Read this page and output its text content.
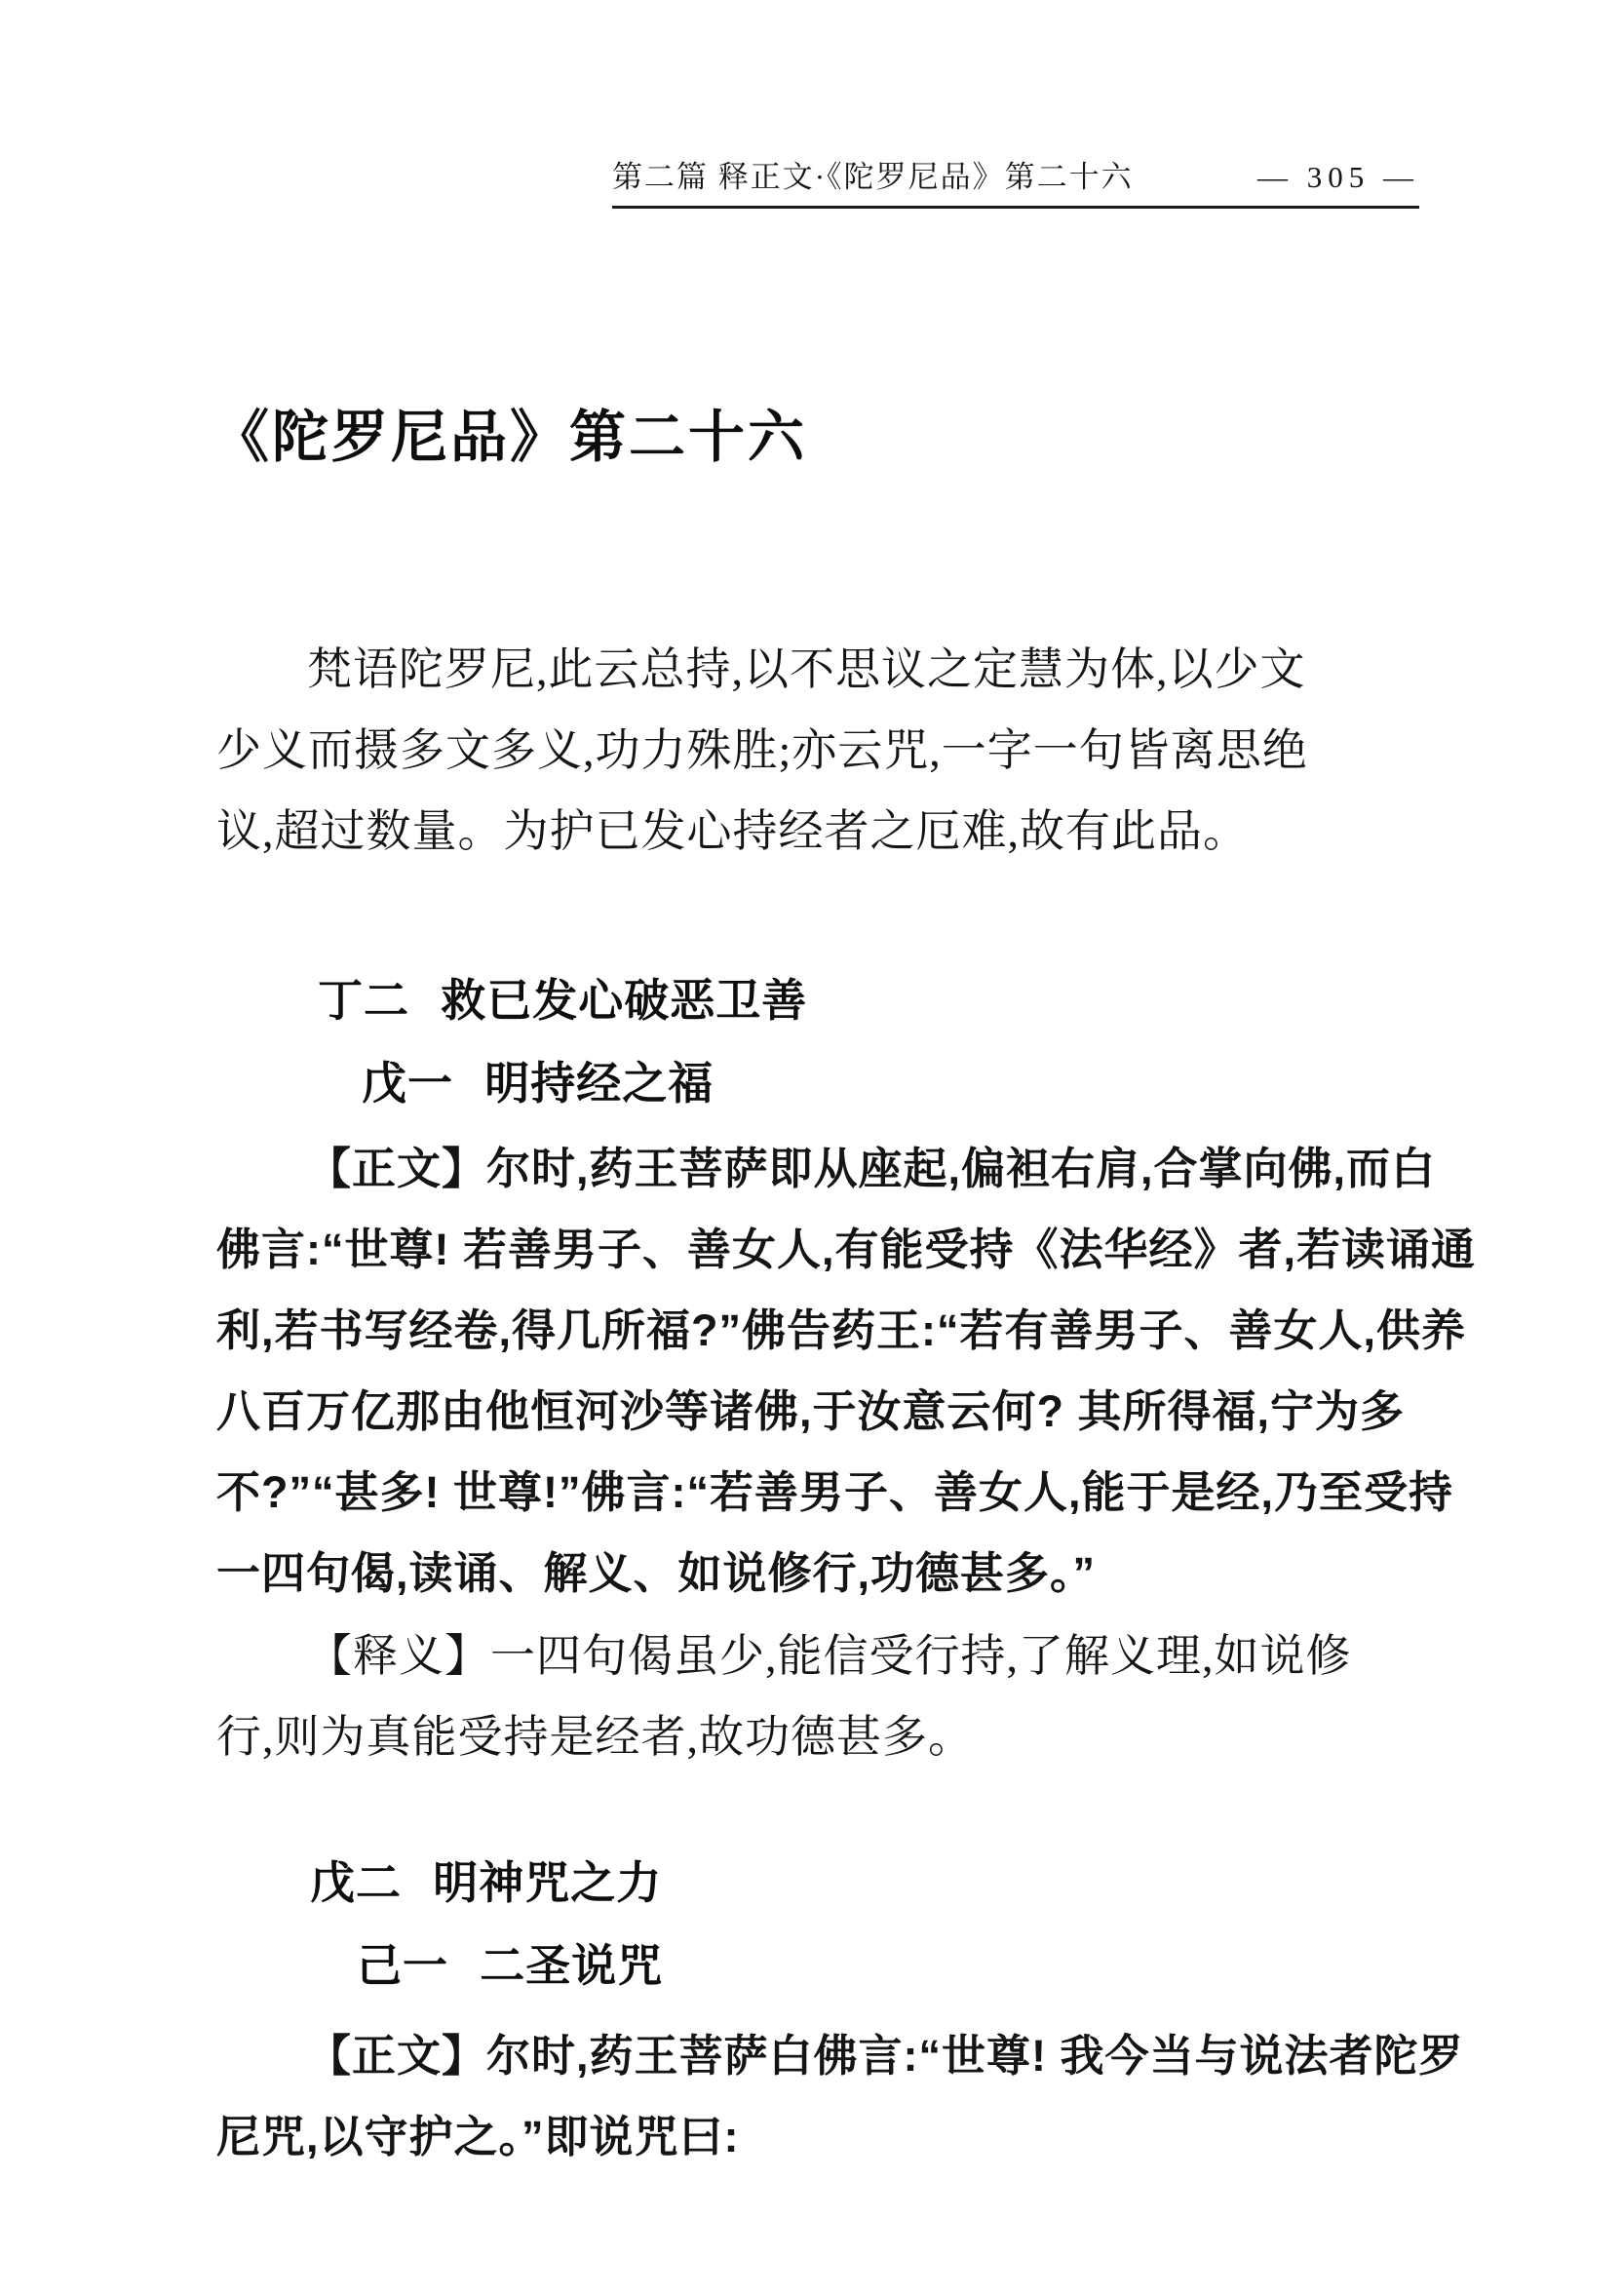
第二篇 释正文·《陀罗尼品》第二十六	— 305 —
《陀罗尼品》第二十六
梵语陀罗尼,此云总持,以不思议之定慧为体,以少文
少义而摄多文多义,功力殊胜;亦云咒,一字一句皆离思绝
议,超过数量。为护已发心持经者之厄难,故有此品。
丁二 救已发心破恶卫善
戊一 明持经之福
【正文】尔时,药王菩萨即从座起,偏袒右肩,合掌向佛,而白
佛言:“世尊! 若善男子、善女人,有能受持《法华经》者,若读诵通
利,若书写经卷,得几所福?”佛告药王:“若有善男子、善女人,供养
八百万亿那由他恒河沙等诸佛,于汝意云何? 其所得福,宁为多
不?”“甚多! 世尊!”佛言:“若善男子、善女人,能于是经,乃至受持
一四句偈,读诵、解义、如说修行,功德甚多。”
【释义】一四句偈虽少,能信受行持,了解义理,如说修
行,则为真能受持是经者,故功德甚多。
戊二 明神咒之力
己一 二圣说咒
【正文】尔时,药王菩萨白佛言:“世尊! 我今当与说法者陀罗
尼咒,以守护之。”即说咒曰:
